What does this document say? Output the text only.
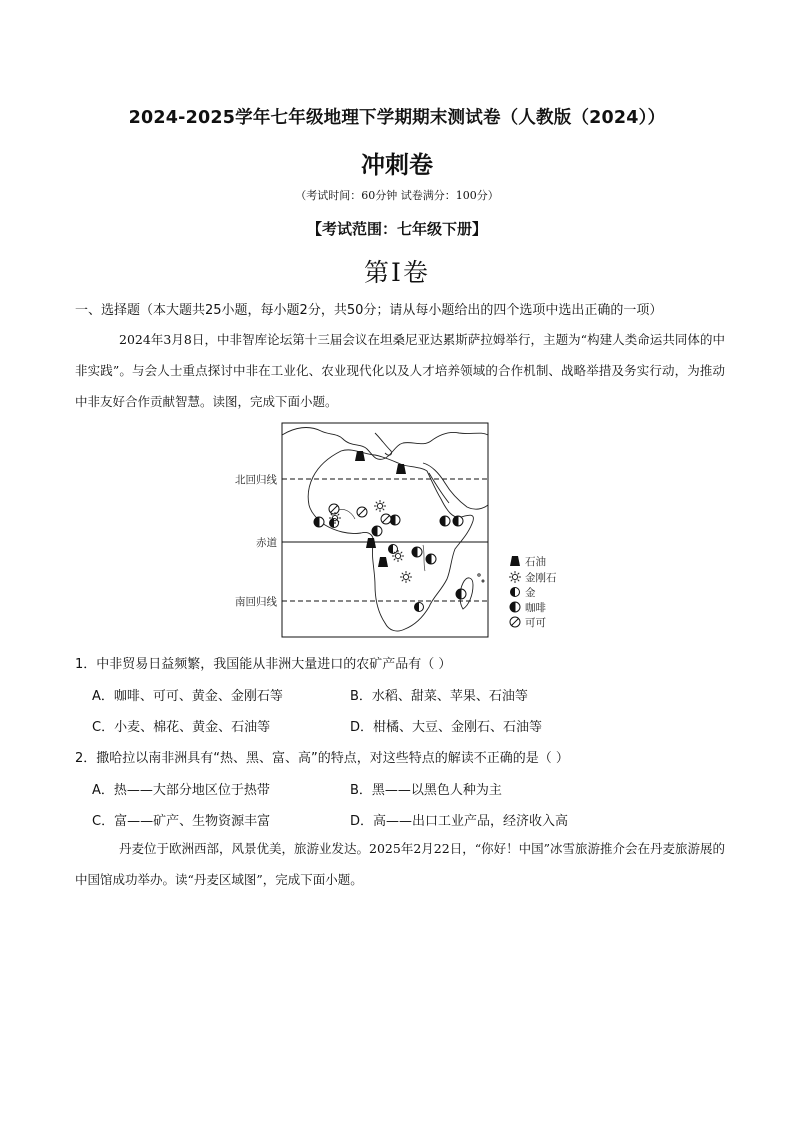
2024-2025学年七年级地理下学期期末测试卷（人教版（2024））
冲刺卷
（考试时间：60分钟 试卷满分：100分）
【考试范围：七年级下册】
第Ⅰ卷
一、选择题（本大题共25小题，每小题2分，共50分；请从每小题给出的四个选项中选出正确的一项）
2024年3月8日，中非智库论坛第十三届会议在坦桑尼亚达累斯萨拉姆举行，主题为“构建人类命运共同体的中非实践”。与会人士重点探讨中非在工业化、农业现代化以及人才培养领域的合作机制、战略举措及务实行动，为推动中非友好合作贡献智慧。读图，完成下面小题。
北回归线
赤道
南回归线
石油
金刚石
金
咖啡
可可
1．中非贸易日益频繁，我国能从非洲大量进口的农矿产品有（ ）
A．咖啡、可可、黄金、金刚石等	B．水稻、甜菜、苹果、石油等
C．小麦、棉花、黄金、石油等	D．柑橘、大豆、金刚石、石油等
2．撒哈拉以南非洲具有“热、黑、富、高”的特点，对这些特点的解读不正确的是（ ）
A．热——大部分地区位于热带	B．黑——以黑色人种为主
C．富——矿产、生物资源丰富	D．高——出口工业产品，经济收入高
丹麦位于欧洲西部，风景优美，旅游业发达。2025年2月22日，“你好！中国”冰雪旅游推介会在丹麦旅游展的中国馆成功举办。读“丹麦区域图”，完成下面小题。
